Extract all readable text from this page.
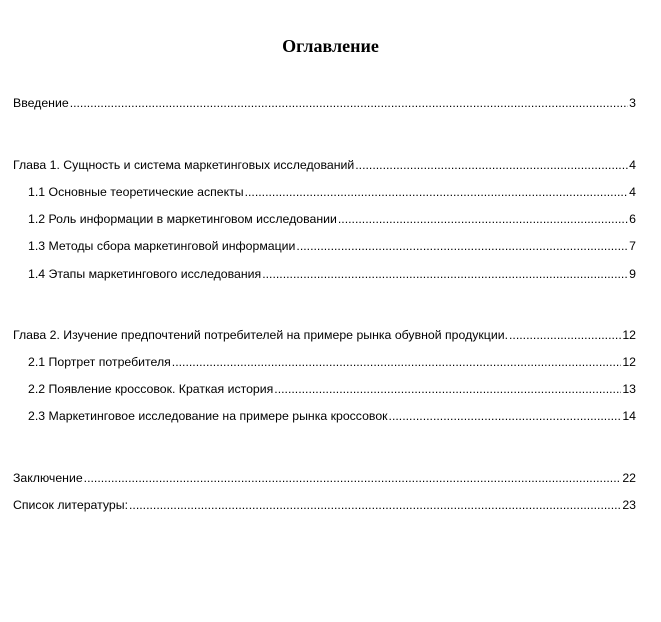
Оглавление
Введение .....	3
Глава 1. Сущность и система маркетинговых исследований .....	4
1.1 Основные теоретические аспекты .....	4
1.2 Роль информации в маркетинговом исследовании .....	6
1.3 Методы сбора маркетинговой информации .....	7
1.4 Этапы маркетингового исследования .....	9
Глава 2. Изучение предпочтений потребителей на примере рынка обувной продукции. .....	12
2.1 Портрет потребителя .....	12
2.2 Появление кроссовок. Краткая история .....	13
2.3 Маркетинговое исследование на примере рынка кроссовок .....	14
Заключение .....	22
Список литературы: .....	23
